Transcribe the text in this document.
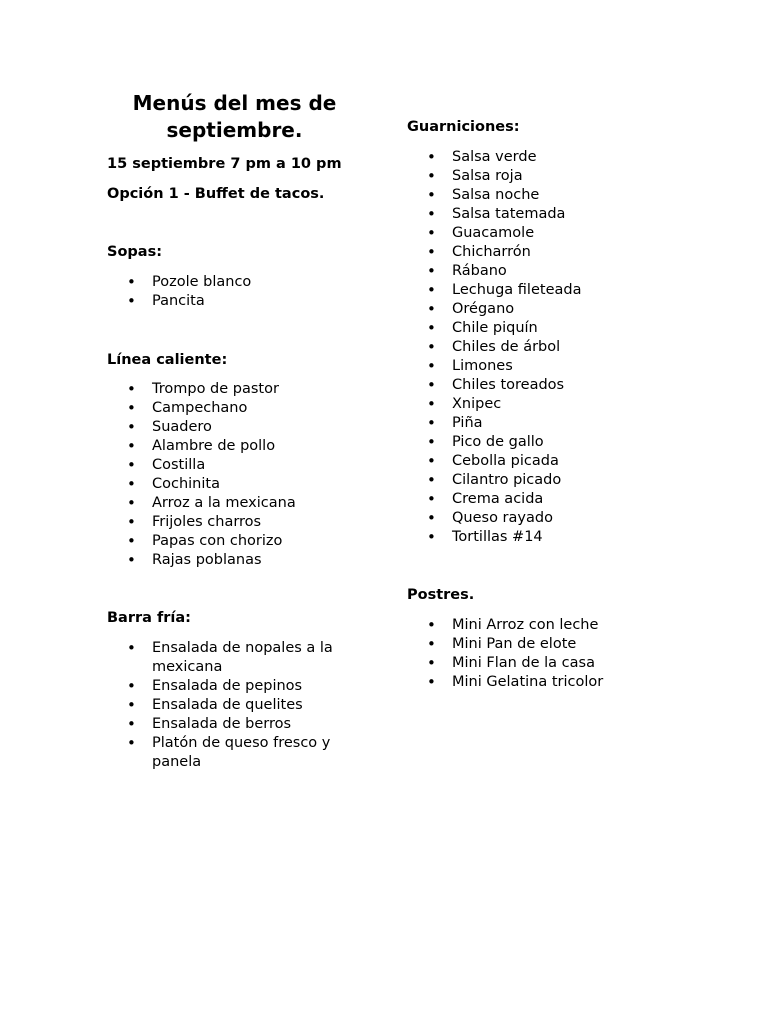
Menús del mes de septiembre.

15 septiembre 7 pm a 10 pm

Opción 1 - Buffet de tacos.

Sopas:

• Pozole blanco
• Pancita

Línea caliente:

• Trompo de pastor
• Campechano
• Suadero
• Alambre de pollo
• Costilla
• Cochinita
• Arroz a la mexicana
• Frijoles charros
• Papas con chorizo
• Rajas poblanas

Barra fría:

• Ensalada de nopales a la mexicana
• Ensalada de pepinos
• Ensalada de quelites
• Ensalada de berros
• Platón de queso fresco y panela

Guarniciones:

• Salsa verde
• Salsa roja
• Salsa noche
• Salsa tatemada
• Guacamole
• Chicharrón
• Rábano
• Lechuga fileteada
• Orégano
• Chile piquín
• Chiles de árbol
• Limones
• Chiles toreados
• Xnipec
• Piña
• Pico de gallo
• Cebolla picada
• Cilantro picado
• Crema acida
• Queso rayado
• Tortillas #14

Postres.

• Mini Arroz con leche
• Mini Pan de elote
• Mini Flan de la casa
• Mini Gelatina tricolor
